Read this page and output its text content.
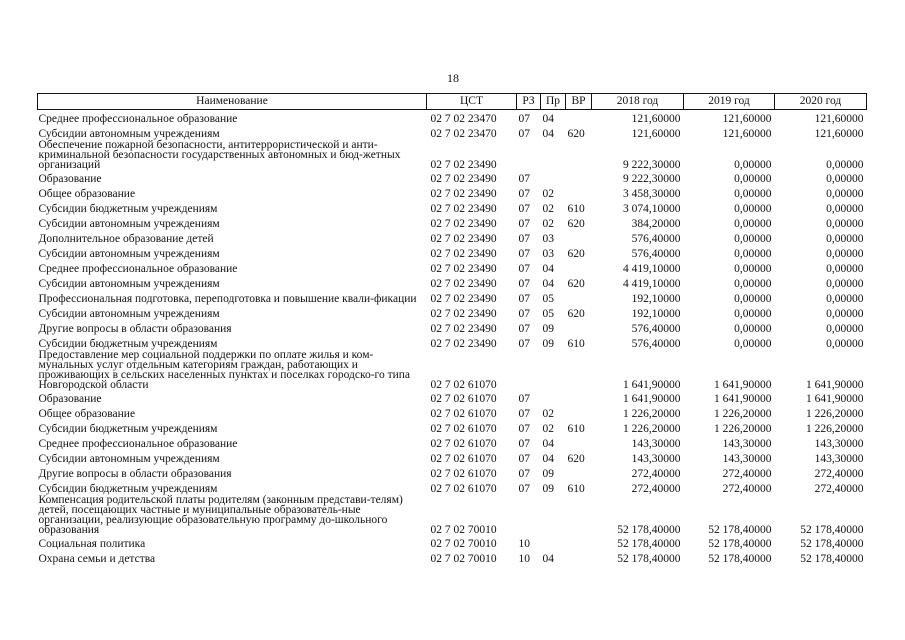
18
Наименование	ЦСТ	РЗ	Пр	ВР	2018 год	2019 год	2020 год
Среднее профессиональное образование	02 7 02 23470	07	04		121,60000	121,60000	121,60000
Субсидии автономным учреждениям	02 7 02 23470	07	04	620	121,60000	121,60000	121,60000
Обеспечение пожарной безопасности, антитеррористической и анти-криминальной безопасности государственных автономных и бюд-жетных организаций	02 7 02 23490				9 222,30000	0,00000	0,00000
Образование	02 7 02 23490	07			9 222,30000	0,00000	0,00000
Общее образование	02 7 02 23490	07	02		3 458,30000	0,00000	0,00000
Субсидии бюджетным учреждениям	02 7 02 23490	07	02	610	3 074,10000	0,00000	0,00000
Субсидии автономным учреждениям	02 7 02 23490	07	02	620	384,20000	0,00000	0,00000
Дополнительное образование детей	02 7 02 23490	07	03		576,40000	0,00000	0,00000
Субсидии автономным учреждениям	02 7 02 23490	07	03	620	576,40000	0,00000	0,00000
Среднее профессиональное образование	02 7 02 23490	07	04		4 419,10000	0,00000	0,00000
Субсидии автономным учреждениям	02 7 02 23490	07	04	620	4 419,10000	0,00000	0,00000
Профессиональная подготовка, переподготовка и повышение квали-фикации	02 7 02 23490	07	05		192,10000	0,00000	0,00000
Субсидии автономным учреждениям	02 7 02 23490	07	05	620	192,10000	0,00000	0,00000
Другие вопросы в области образования	02 7 02 23490	07	09		576,40000	0,00000	0,00000
Субсидии бюджетным учреждениям	02 7 02 23490	07	09	610	576,40000	0,00000	0,00000
Предоставление мер социальной поддержки по оплате жилья и ком-мунальных услуг отдельным категориям граждан, работающих и проживающих в сельских населенных пунктах и поселках городско-го типа Новгородской области	02 7 02 61070				1 641,90000	1 641,90000	1 641,90000
Образование	02 7 02 61070	07			1 641,90000	1 641,90000	1 641,90000
Общее образование	02 7 02 61070	07	02		1 226,20000	1 226,20000	1 226,20000
Субсидии бюджетным учреждениям	02 7 02 61070	07	02	610	1 226,20000	1 226,20000	1 226,20000
Среднее профессиональное образование	02 7 02 61070	07	04		143,30000	143,30000	143,30000
Субсидии автономным учреждениям	02 7 02 61070	07	04	620	143,30000	143,30000	143,30000
Другие вопросы в области образования	02 7 02 61070	07	09		272,40000	272,40000	272,40000
Субсидии бюджетным учреждениям	02 7 02 61070	07	09	610	272,40000	272,40000	272,40000
Компенсация родительской платы родителям (законным представи-телям) детей, посещающих частные и муниципальные образователь-ные организации, реализующие образовательную программу до-школьного образования	02 7 02 70010				52 178,40000	52 178,40000	52 178,40000
Социальная политика	02 7 02 70010	10			52 178,40000	52 178,40000	52 178,40000
Охрана семьи и детства	02 7 02 70010	10	04		52 178,40000	52 178,40000	52 178,40000
